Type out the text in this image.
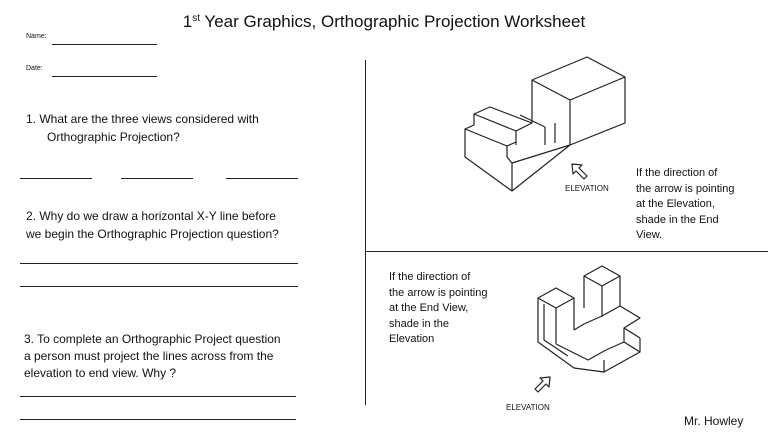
1st Year Graphics, Orthographic Projection Worksheet
Name:
Date:
1. What are the three views considered with
Orthographic Projection?
2. Why do we draw a horizontal X-Y line before
we begin the Orthographic Projection question?
3. To complete an Orthographic Project question
a person must project the lines across from the
elevation to end view. Why ?
ELEVATION
If the direction of
the arrow is pointing
at the Elevation,
shade in the End
View.
If the direction of
the arrow is pointing
at the End View,
shade in the
Elevation
ELEVATION
Mr. Howley
